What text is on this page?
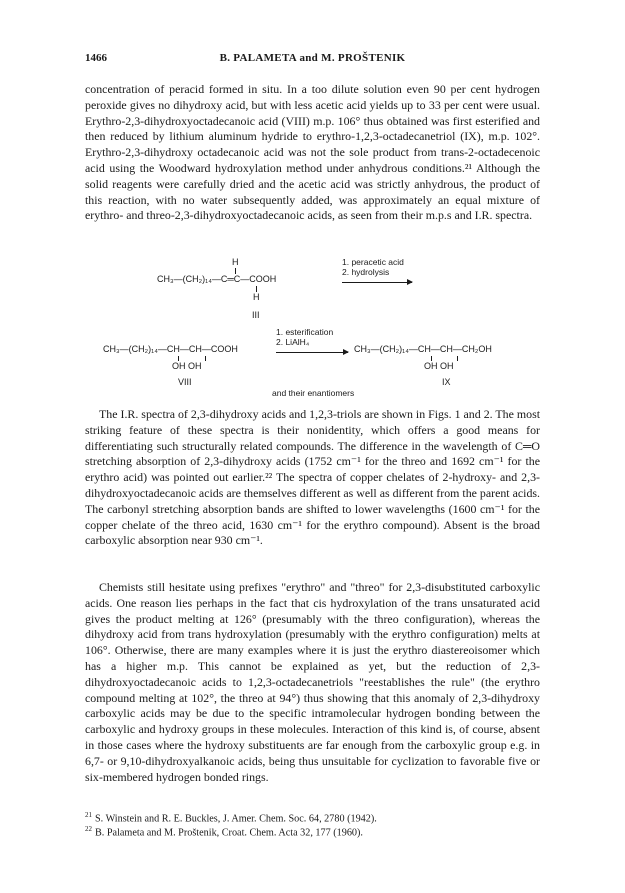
1466	B. PALAMETA and M. PROŠTENIK

concentration of peracid formed in situ. In a too dilute solution even 90 per cent hydrogen peroxide gives no dihydroxy acid, but with less acetic acid yields up to 33 per cent were usual. Erythro-2,3-dihydroxyoctadecanoic acid (VIII) m.p. 106° thus obtained was first esterified and then reduced by lithium aluminum hydride to erythro-1,2,3-octadecanetriol (IX), m.p. 102°. Erythro-2,3-dihydroxy octadecanoic acid was not the sole product from trans-2-octadecenoic acid using the Woodward hydroxylation method under anhydrous conditions.²¹ Although the solid reagents were carefully dried and the acetic acid was strictly anhydrous, the product of this reaction, with no water subsequently added, was approximately an equal mixture of erythro- and threo-2,3-dihydroxyoctadecanoic acids, as seen from their m.p.s and I.R. spectra.

H
CH₃—(CH₂)₁₄—C═C—COOH
H
1. peracetic acid
2. hydrolysis
III
1. esterification
2. LiAlH₄
CH₃—(CH₂)₁₄—CH—CH—COOH
OH OH
VIII
CH₃—(CH₂)₁₄—CH—CH—CH₂OH
OH OH
IX
and their enantiomers

The I.R. spectra of 2,3-dihydroxy acids and 1,2,3-triols are shown in Figs. 1 and 2. The most striking feature of these spectra is their nonidentity, which offers a good means for differentiating such structurally related compounds. The difference in the wavelength of C═O stretching absorption of 2,3-dihydroxy acids (1752 cm⁻¹ for the threo and 1692 cm⁻¹ for the erythro acid) was pointed out earlier.²² The spectra of copper chelates of 2-hydroxy- and 2,3-dihydroxyoctadecanoic acids are themselves different as well as different from the parent acids. The carbonyl stretching absorption bands are shifted to lower wavelengths (1600 cm⁻¹ for the copper chelate of the threo acid, 1630 cm⁻¹ for the erythro compound). Absent is the broad carboxylic absorption near 930 cm⁻¹.

Chemists still hesitate using prefixes "erythro" and "threo" for 2,3-disubstituted carboxylic acids. One reason lies perhaps in the fact that cis hydroxylation of the trans unsaturated acid gives the product melting at 126° (presumably with the threo configuration), whereas the dihydroxy acid from trans hydroxylation (presumably with the erythro configuration) melts at 106°. Otherwise, there are many examples where it is just the erythro diastereoisomer which has a higher m.p. This cannot be explained as yet, but the reduction of 2,3-dihydroxyoctadecanoic acids to 1,2,3-octadecanetriols "reestablishes the rule" (the erythro compound melting at 102°, the threo at 94°) thus showing that this anomaly of 2,3-dihydroxy carboxylic acids may be due to the specific intramolecular hydrogen bonding between the carboxylic and hydroxy groups in these molecules. Interaction of this kind is, of course, absent in those cases where the hydroxy substituents are far enough from the carboxylic group e.g. in 6,7- or 9,10-dihydroxyalkanoic acids, being thus unsuitable for cyclization to favorable five or six-membered hydrogen bonded rings.

$^{21}$ S. Winstein and R. E. Buckles, J. Amer. Chem. Soc. 64, 2780 (1942).
$^{22}$ B. Palameta and M. Proštenik, Croat. Chem. Acta 32, 177 (1960).
